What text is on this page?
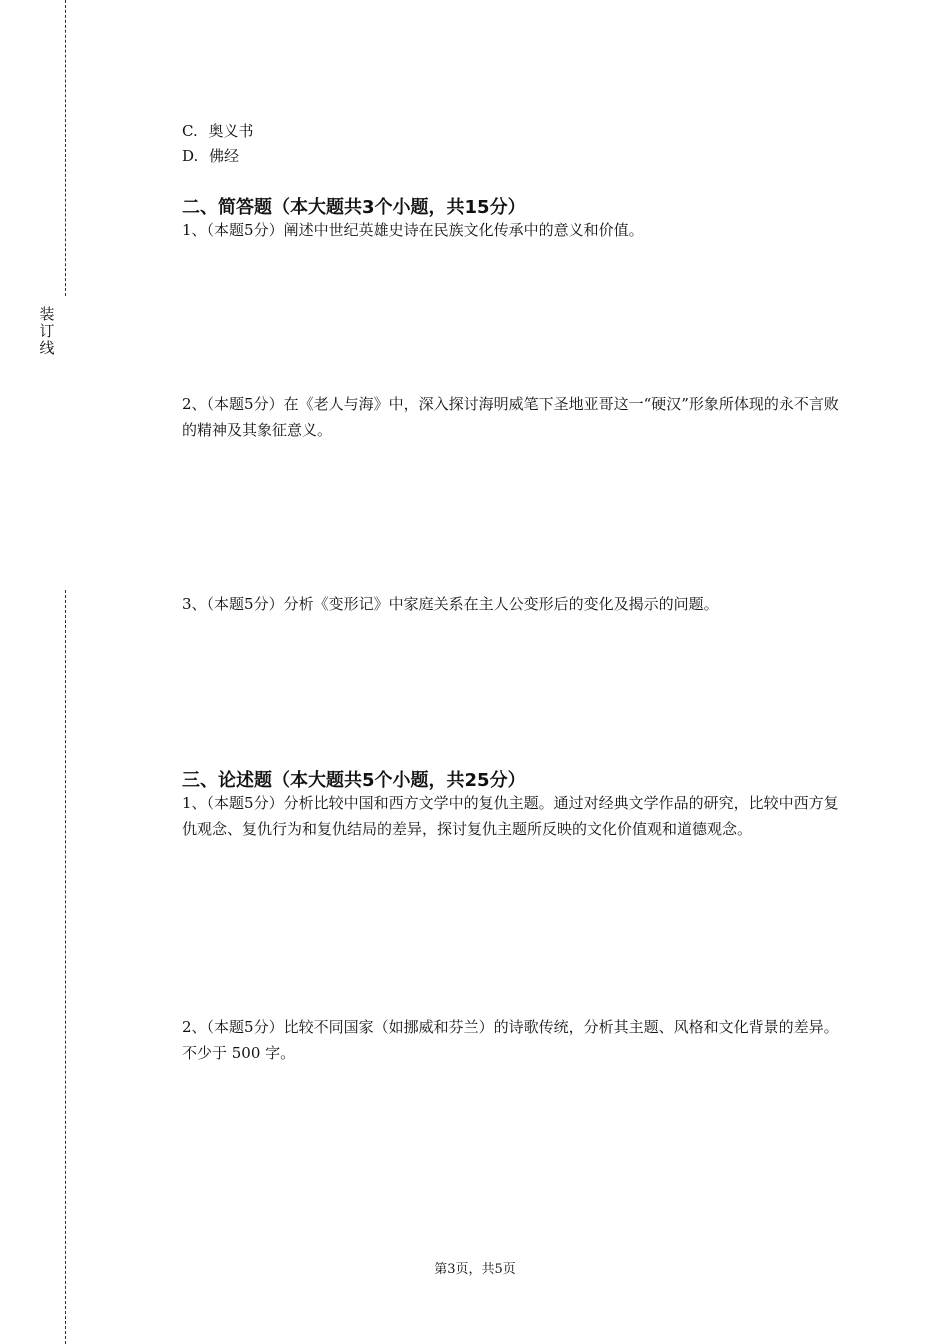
装
订
线
C. 奥义书
D. 佛经
二、简答题（本大题共3个小题，共15分）
1、（本题5分）阐述中世纪英雄史诗在民族文化传承中的意义和价值。
2、（本题5分）在《老人与海》中，深入探讨海明威笔下圣地亚哥这一“硬汉”形象所体现的永不言败的精神及其象征意义。
3、（本题5分）分析《变形记》中家庭关系在主人公变形后的变化及揭示的问题。
三、论述题（本大题共5个小题，共25分）
1、（本题5分）分析比较中国和西方文学中的复仇主题。通过对经典文学作品的研究，比较中西方复仇观念、复仇行为和复仇结局的差异，探讨复仇主题所反映的文化价值观和道德观念。
2、（本题5分）比较不同国家（如挪威和芬兰）的诗歌传统，分析其主题、风格和文化背景的差异。不少于 500 字。
第3页，共5页
